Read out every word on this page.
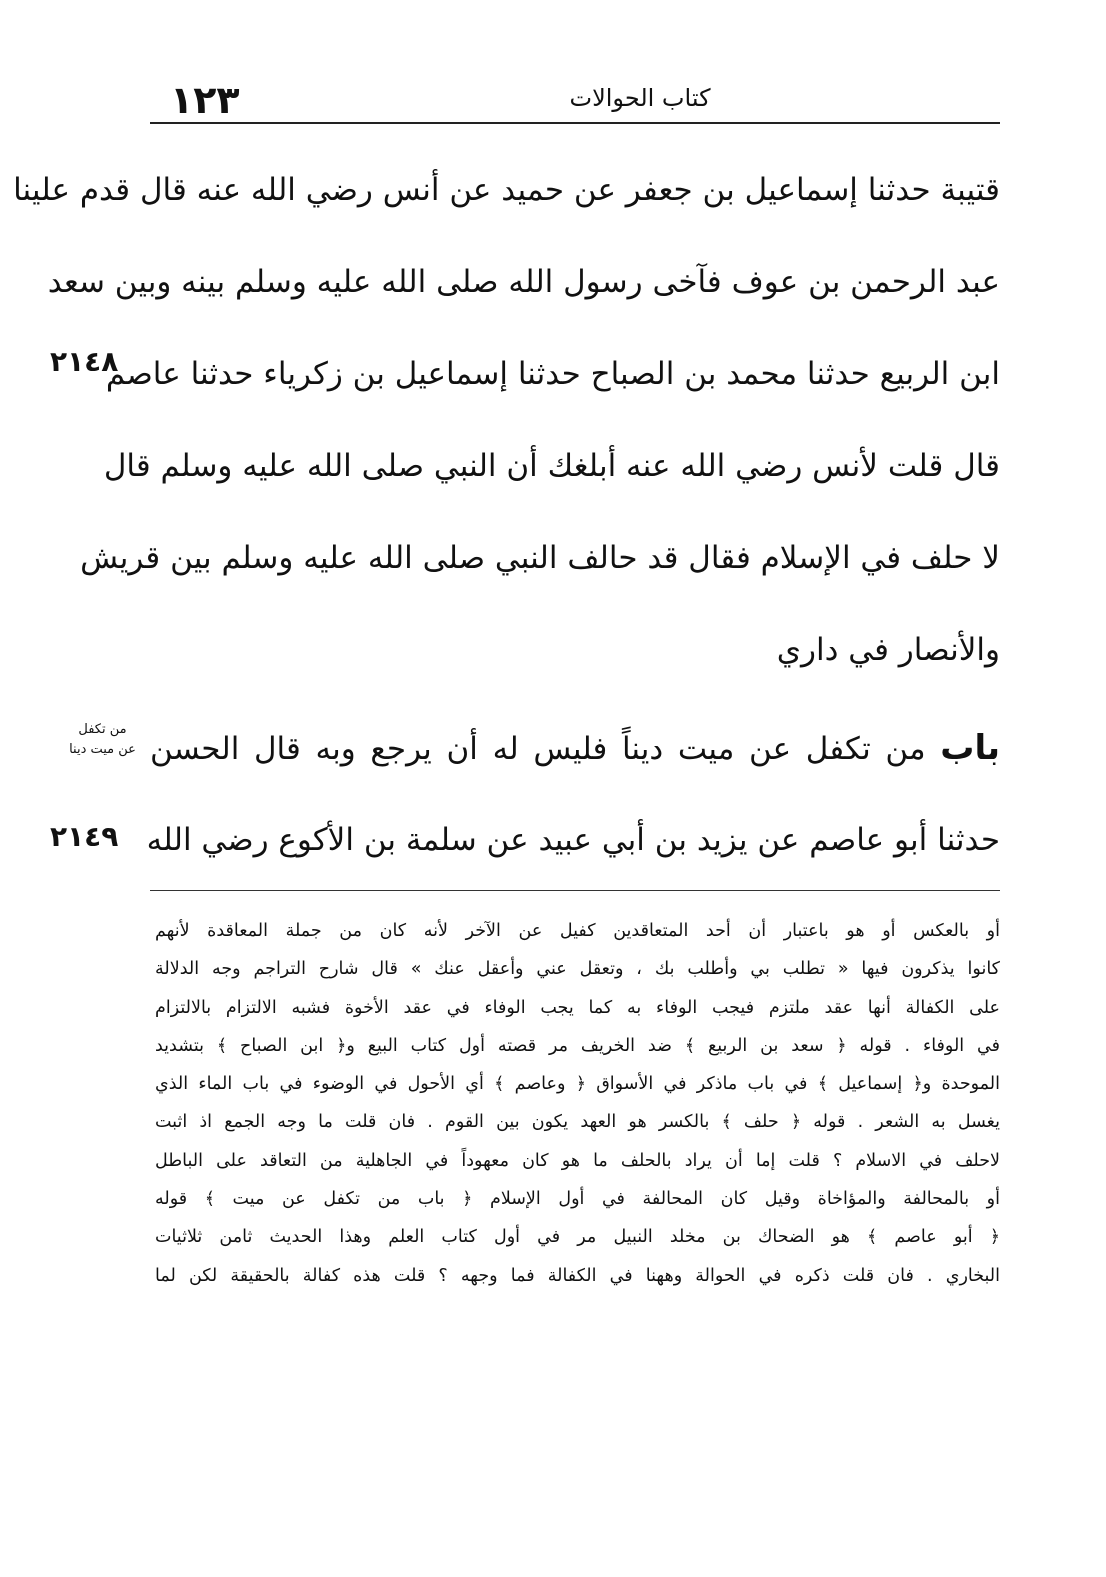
١٢٣	كتاب الحوالات
قتيبة حدثنا إسماعيل بن جعفر عن حميد عن أنس رضي الله عنه قال قدم علينا
عبد الرحمن بن عوف فآخى رسول الله صلى الله عليه وسلم بينه وبين سعد
ابن الربيع حدثنا محمد بن الصباح حدثنا إسماعيل بن زكرياء حدثنا عاصم
قال قلت لأنس رضي الله عنه أبلغك أن النبي صلى الله عليه وسلم قال
لا حلف في الإسلام فقال قد حالف النبي صلى الله عليه وسلم بين قريش
والأنصار في داري
٢١٤٨
من تكفل
عن ميت دينا	باب من تكفل عن ميت ديناً فليس له أن يرجع وبه قال الحسن
حدثنا أبو عاصم عن يزيد بن أبي عبيد عن سلمة بن الأكوع رضي الله
٢١٤٩
أو بالعكس أو هو باعتبار أن أحد المتعاقدين كفيل عن الآخر لأنه كان من جملة المعاقدة لأنهم
كانوا يذكرون فيها « تطلب بي وأطلب بك ، وتعقل عني وأعقل عنك » قال شارح التراجم وجه الدلالة
على الكفالة أنها عقد ملتزم فيجب الوفاء به كما يجب الوفاء في عقد الأخوة فشبه الالتزام بالالتزام
في الوفاء . قوله ﴿ سعد بن الربيع ﴾ ضد الخريف مر قصته أول كتاب البيع و﴿ ابن الصباح ﴾ بتشديد
الموحدة و﴿ إسماعيل ﴾ في باب ماذكر في الأسواق ﴿ وعاصم ﴾ أي الأحول في الوضوء في باب الماء الذي
يغسل به الشعر . قوله ﴿ حلف ﴾ بالكسر هو العهد يكون بين القوم . فان قلت ما وجه الجمع اذ اثبت
لاحلف في الاسلام ؟ قلت إما أن يراد بالحلف ما هو كان معهوداً في الجاهلية من التعاقد على الباطل
أو بالمحالفة والمؤاخاة وقيل كان المحالفة في أول الإسلام ﴿ باب من تكفل عن ميت ﴾ قوله
﴿ أبو عاصم ﴾ هو الضحاك بن مخلد النبيل مر في أول كتاب العلم وهذا الحديث ثامن ثلاثيات
البخاري . فان قلت ذكره في الحوالة وههنا في الكفالة فما وجهه ؟ قلت هذه كفالة بالحقيقة لكن لما
